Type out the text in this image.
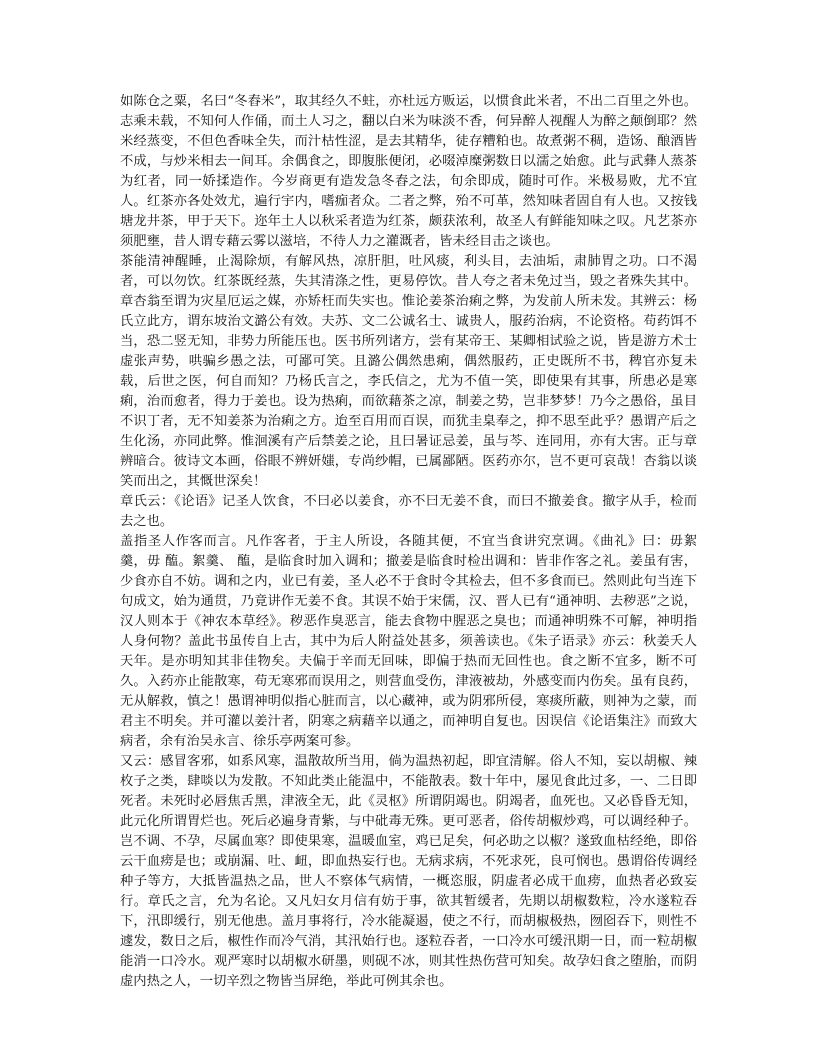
如陈仓之粟，名曰“冬舂米”，取其经久不蛀，亦杜远方贩运，以惯食此米者，不出二百里之外也。志乘未载，不知何人作俑，而土人习之，翻以白米为味淡不香，何异醉人视醒人为醉之颠倒耶？然米经蒸变，不但色香味全失，而汁枯性涩，是去其精华，徒存糟粕也。故煮粥不稠，造饧、酿酒皆不成，与炒米相去一间耳。余偶食之，即腹胀便闭，必啜淖糜粥数日以濡之始愈。此与武彝人蒸茶为红者，同一娇揉造作。今岁商更有造发急冬舂之法，旬余即成，随时可作。米极易败，尤不宜人。红茶亦各处效尤，遍行宇内，嗜痂者众。二者之弊，殆不可革，然知味者固自有人也。又按钱塘龙井茶，甲于天下。迩年土人以秋采者造为红茶，颇获浓利，故圣人有鲜能知味之叹。凡艺茶亦须肥壅，昔人谓专藉云雾以滋培，不待人力之灌溉者，皆未经目击之谈也。

茶能清神醒睡，止渴除烦，有解风热，凉肝胆，吐风痰，利头目，去油垢，肃肺胃之功。口不渴者，可以勿饮。红茶既经蒸，失其清涤之性，更易停饮。昔人夸之者未免过当，毁之者殊失其中。章杏翁至谓为灾星厄运之媒，亦矫枉而失实也。惟论姜茶治痢之弊，为发前人所未发。其辨云：杨氏立此方，谓东坡治文潞公有效。夫苏、文二公诚名士、诚贵人，服药治病，不论资格。苟药饵不当，恐二竖无知，非势力所能压也。医书所列诸方，尝有某帝王、某卿相试验之说，皆是游方术士虚张声势，哄骗乡愚之法，可鄙可笑。且潞公偶然患痢，偶然服药，正史既所不书，稗官亦复未载，后世之医，何自而知？乃杨氏言之，李氏信之，尤为不值一笑，即使果有其事，所患必是寒痢，治而愈者，得力于姜也。设为热痢，而欲藉茶之凉，制姜之势，岂非梦梦！乃今之愚俗，虽目不识丁者，无不知姜茶为治痢之方。迨至百用而百误，而犹圭臬奉之，抑不思至此乎？愚谓产后之生化汤，亦同此弊。惟洄溪有产后禁姜之论，且曰暑证忌姜，虽与芩、连同用，亦有大害。正与章辨暗合。彼诗文本画，俗眼不辨妍媸，专尚纱帽，已属鄙陋。医药亦尔，岂不更可哀哉！杏翁以谈笑而出之，其慨世深矣！

章氏云：《论语》记圣人饮食，不曰必以姜食，亦不曰无姜不食，而曰不撤姜食。撤字从手，检而去之也。

盖指圣人作客而言。凡作客者，于主人所设，各随其便，不宜当食讲究烹调。《曲礼》曰：毋絮羹，毋 醢。絮羹、 醢，是临食时加入调和；撤姜是临食时检出调和：皆非作客之礼。姜虽有害，少食亦自不妨。调和之内，业已有姜，圣人必不于食时令其检去，但不多食而已。然则此句当连下句成文，始为通贯，乃竟讲作无姜不食。其误不始于宋儒，汉、晋人已有“通神明、去秽恶”之说，汉人则本于《神农本草经》。秽恶作臭恶言，能去食物中腥恶之臭也；而通神明殊不可解，神明指人身何物？盖此书虽传自上古，其中为后人附益处甚多，须善读也。《朱子语录》亦云：秋姜夭人天年。是亦明知其非佳物矣。夫偏于辛而无回味，即偏于热而无回性也。食之断不宜多，断不可久。入药亦止能散寒，苟无寒邪而误用之，则营血受伤，津液被劫，外感变而内伤矣。虽有良药，无从解救，慎之！愚谓神明似指心脏而言，以心藏神，或为阴邪所侵，寒痰所蔽，则神为之蒙，而君主不明矣。并可灌以姜汁者，阴寒之病藉辛以通之，而神明自复也。因误信《论语集注》而致大病者，余有治吴永言、徐乐亭两案可参。

又云：感冒客邪，如系风寒，温散故所当用，倘为温热初起，即宜清解。俗人不知，妄以胡椒、辣枚子之类，肆啖以为发散。不知此类止能温中，不能散表。数十年中，屡见食此过多，一、二日即死者。未死时必唇焦舌黑，津液全无，此《灵枢》所谓阴竭也。阴竭者，血死也。又必昏昏无知，此元化所谓胃烂也。死后必遍身青紫，与中砒毒无殊。更可恶者，俗传胡椒炒鸡，可以调经种子。岂不调、不孕，尽属血寒？即使果寒，温暖血室，鸡已足矣，何必助之以椒？遂致血枯经绝，即俗云干血痨是也；或崩漏、吐、衄，即血热妄行也。无病求病，不死求死，良可悯也。愚谓俗传调经种子等方，大抵皆温热之品，世人不察体气病情，一概恣服，阴虚者必成干血痨，血热者必致妄行。章氏之言，允为名论。又凡妇女月信有妨于事，欲其暂缓者，先期以胡椒数粒，冷水遂粒吞下，汛即缓行，别无他患。盖月事将行，冷水能凝遏，使之不行，而胡椒极热，囫囵吞下，则性不遽发，数日之后，椒性作而冷气消，其汛始行也。逐粒吞者，一口冷水可缓汛期一日，而一粒胡椒能消一口冷水。观严寒时以胡椒水研墨，则砚不冰，则其性热伤营可知矣。故孕妇食之堕胎，而阴虚内热之人，一切辛烈之物皆当屏绝，举此可例其余也。
